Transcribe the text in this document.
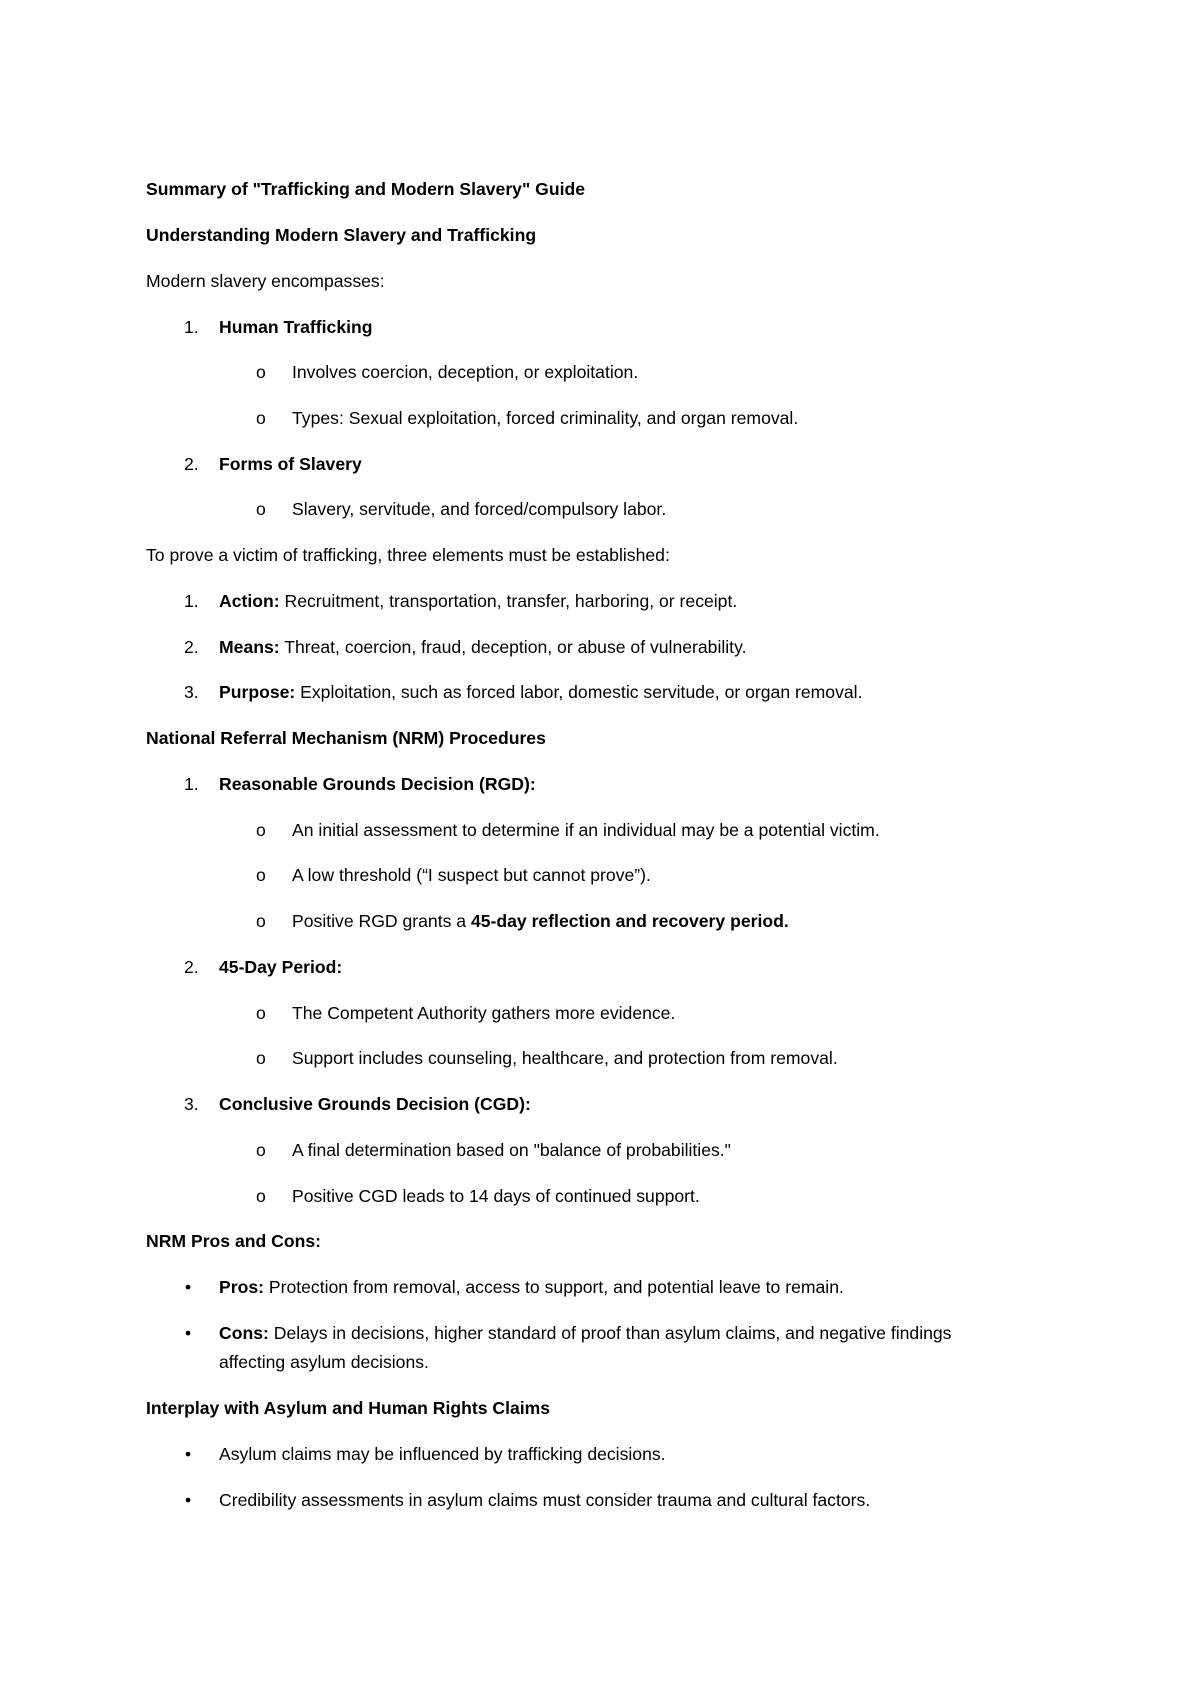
Summary of "Trafficking and Modern Slavery" Guide
Understanding Modern Slavery and Trafficking
Modern slavery encompasses:
1. Human Trafficking
o Involves coercion, deception, or exploitation.
o Types: Sexual exploitation, forced criminality, and organ removal.
2. Forms of Slavery
o Slavery, servitude, and forced/compulsory labor.
To prove a victim of trafficking, three elements must be established:
1. Action: Recruitment, transportation, transfer, harboring, or receipt.
2. Means: Threat, coercion, fraud, deception, or abuse of vulnerability.
3. Purpose: Exploitation, such as forced labor, domestic servitude, or organ removal.
National Referral Mechanism (NRM) Procedures
1. Reasonable Grounds Decision (RGD):
o An initial assessment to determine if an individual may be a potential victim.
o A low threshold (“I suspect but cannot prove”).
o Positive RGD grants a 45-day reflection and recovery period.
2. 45-Day Period:
o The Competent Authority gathers more evidence.
o Support includes counseling, healthcare, and protection from removal.
3. Conclusive Grounds Decision (CGD):
o A final determination based on "balance of probabilities."
o Positive CGD leads to 14 days of continued support.
NRM Pros and Cons:
• Pros: Protection from removal, access to support, and potential leave to remain.
• Cons: Delays in decisions, higher standard of proof than asylum claims, and negative findings
affecting asylum decisions.
Interplay with Asylum and Human Rights Claims
• Asylum claims may be influenced by trafficking decisions.
• Credibility assessments in asylum claims must consider trauma and cultural factors.
